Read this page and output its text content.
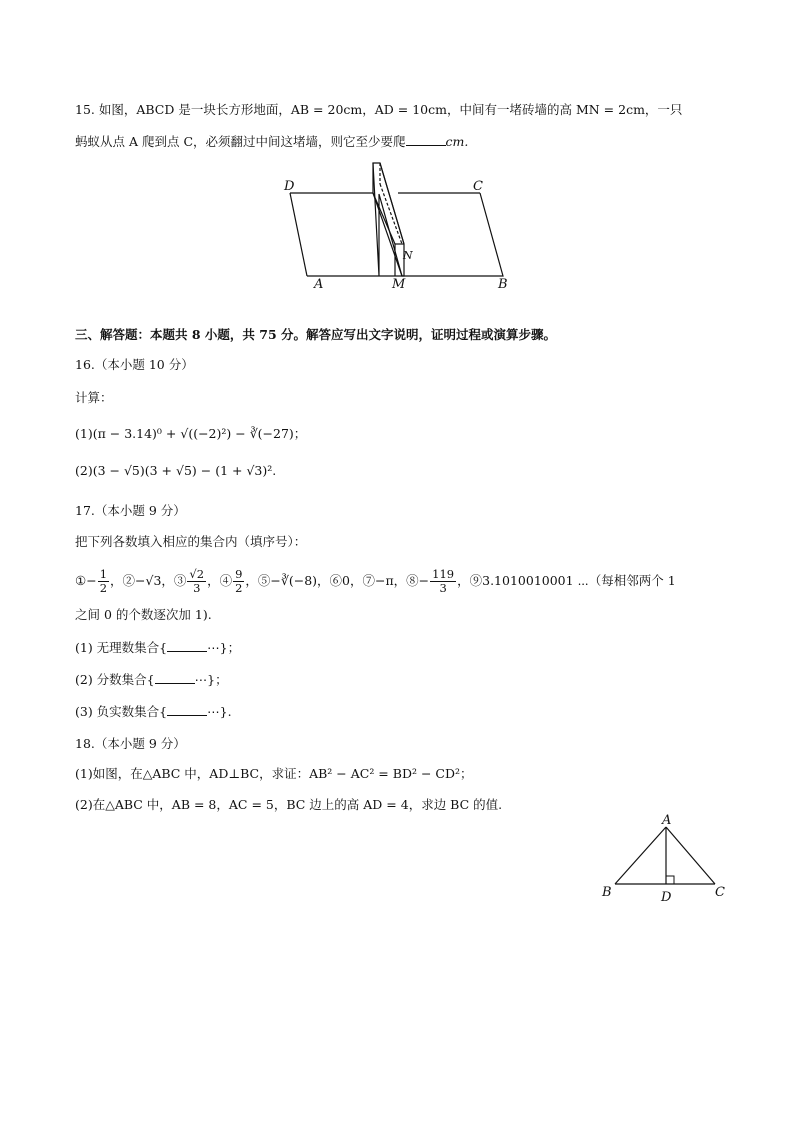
15. 如图，ABCD 是一块长方形地面，AB = 20cm，AD = 10cm，中间有一堵砖墙的高 MN = 2cm，一只
蚂蚁从点 A 爬到点 C，必须翻过中间这堵墙，则它至少要爬	cm.
D	C
A	M	B
N
三、解答题：本题共 8 小题，共 75 分。解答应写出文字说明，证明过程或演算步骤。
16.（本小题 10 分）
计算：
(1)(π − 3.14)⁰ + √((−2)²) − ∛(−27)；
(2)(3 − √5)(3 + √5) − (1 + √3)².
17.（本小题 9 分）
把下列各数填入相应的集合内（填序号）：
①− $\frac{1}{2}$ ，②−√3，③ $\frac{√2}{3}$ ，④ $\frac{9}{2}$ ，⑤−∛(−8)，⑥0，⑦−π，⑧− $\frac{119}{3}$ ，⑨3.1010010001 ⋯（每相邻两个 1
之间 0 的个数逐次加 1).
(1) 无理数集合{	⋯}；
(2) 分数集合{	⋯}；
(3) 负实数集合{	⋯}.
18.（本小题 9 分）
(1)如图，在△ABC 中，AD⊥BC，求证：AB² − AC² = BD² − CD²；
(2)在△ABC 中，AB = 8，AC = 5，BC 边上的高 AD = 4，求边 BC 的值.
A
B	C
D
